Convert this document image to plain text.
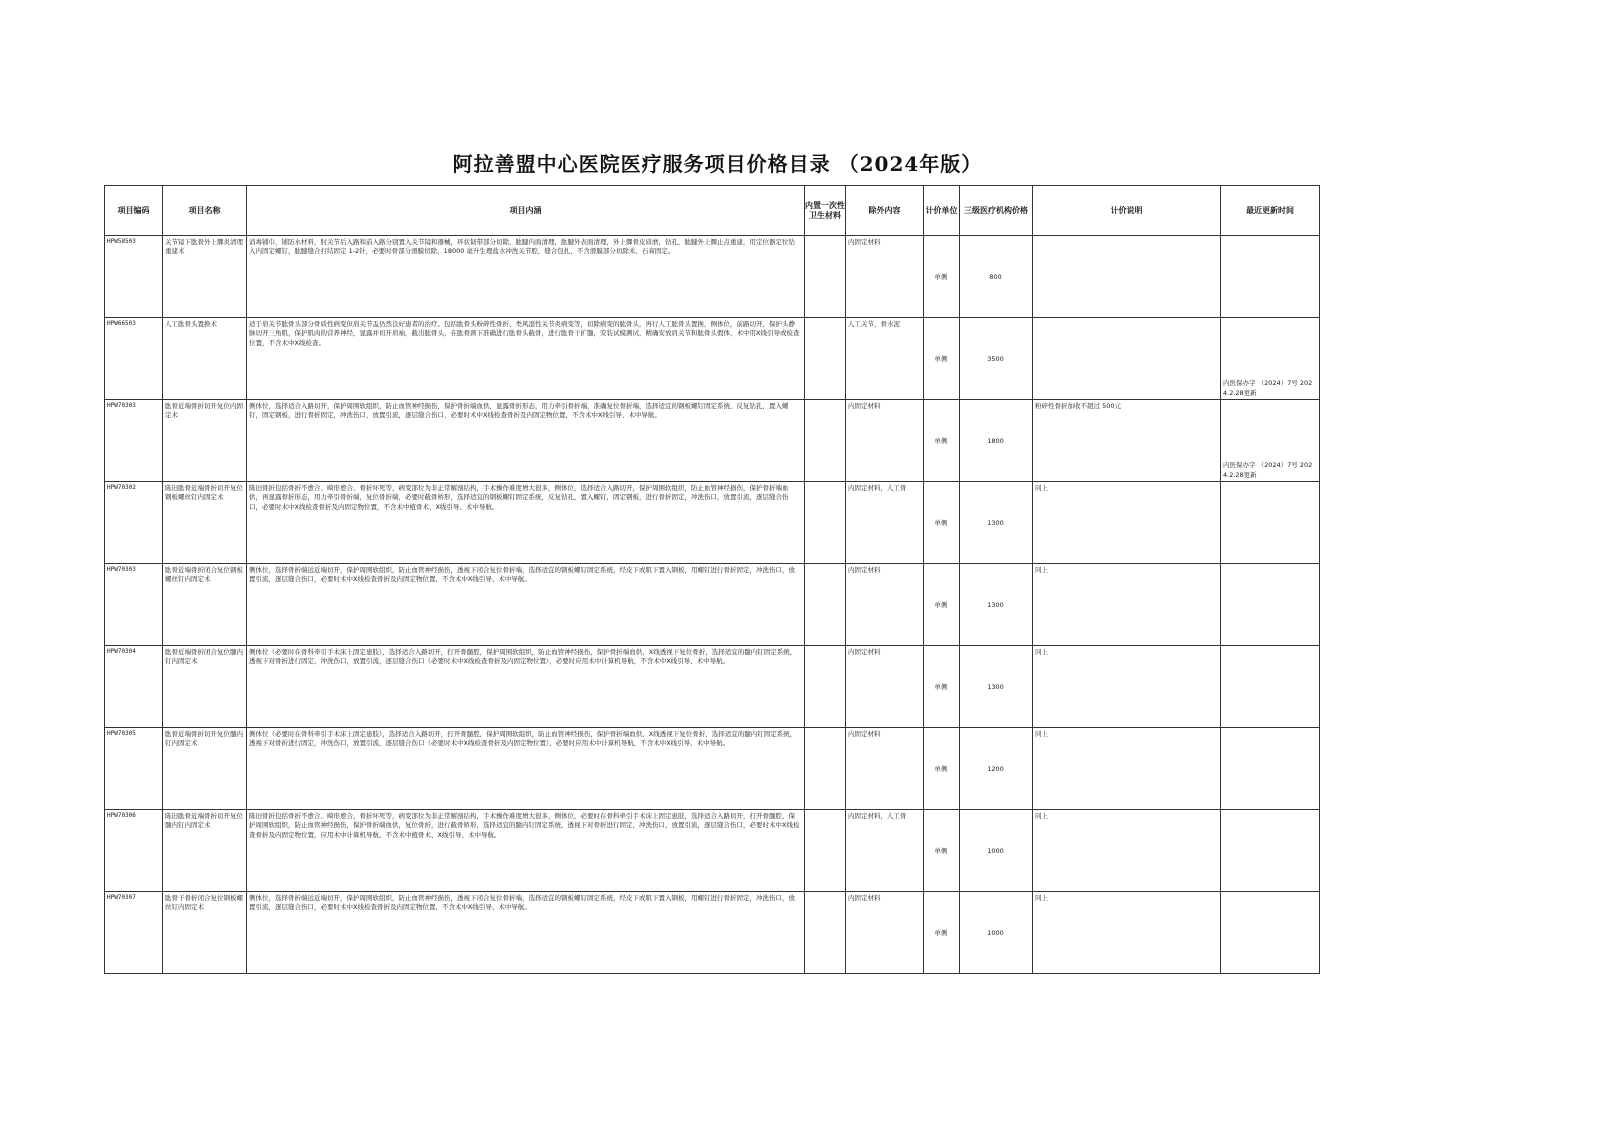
阿拉善盟中心医院医疗服务项目价格目录 （2024年版）
项目编码	项目名称	项目内涵	内置一次性卫生材料	除外内容	计价单位	三级医疗机构价格	计价说明	最近更新时间
HPW58503	关节镜下肱骨外上髁炎清理重建术	消毒铺巾，铺防水材料，肘关节后入路和前入路分别置入关节镜和器械，环状韧带部分切除，肱腱内面清理，肱腱外表面清理，外上髁骨皮质磨，钻孔，肱腱外上髁止点重建，用定位器定位钻入内固定螺钉，肱腱缝合打结固定 1-2针，必要时骨部分滑膜切除，18000 毫升生理盐水冲洗关节腔，缝合包扎，不含滑膜部分切除术、石膏固定。		内固定材料	单侧	800		
HPW66503	人工肱骨头置换术	适于肩关节肱骨头部分骨质性病变但肩关节盂仍然良好患者的治疗。包括肱骨头粉碎性骨折、类风湿性关节炎病变等，切除病变的肱骨头，再行人工肱骨头置换，侧体位，前路切开，保护头静脉切开三角肌，保护肌肉的营养神经，显露并切开肩袖，截出肱骨头，在肱骨颈下准确进行肱骨头截骨，进行肱骨干扩髓，安装试模测试，精确安放肩关节和肱骨头假体，术中用X线引导或检查位置，不含术中X线检查。		人工关节，骨水泥	单侧	3500		内医保办字 （2024）7号 2024.2.28更新
HPW70303	肱骨近端骨折切开复位内固定术	侧体位，选择适合入路切开，保护周围软组织，防止血管神经损伤，保护骨折端血供，显露骨折形态，用力牵引骨折端，准确复位骨折端，选择适宜的钢板螺钉固定系统，反复钻孔，置入螺钉，固定钢板，进行骨折固定，冲洗伤口，放置引流，逐层缝合伤口，必要时术中X线检查骨折及内固定物位置，不含术中X线引导、术中导航。		内固定材料	单侧	1800	粉碎性骨折加收不超过 500元	内医保办字 （2024）7号 2024.2.28更新
HPW70302	陈旧肱骨近端骨折切开复位钢板螺丝钉内固定术	陈旧骨折包括骨折不愈合、畸形愈合、骨折坏死等，病变部位为非正常解剖结构，手术操作难度增大很多，侧体位，选择适合入路切开，保护周围软组织，防止血管神经损伤，保护骨折端血供，再显露骨折形态，用力牵引骨折端，复位骨折端，必要时截骨矫形，选择适宜的钢板螺钉固定系统，反复钻孔，置入螺钉，固定钢板，进行骨折固定，冲洗伤口，放置引流，逐层缝合伤口，必要时术中X线检查骨折及内固定物位置，不含术中植骨术、X线引导、术中导航。		内固定材料，人工骨	单侧	1300	同上	
HPW70303	肱骨近端骨折闭合复位钢板螺丝钉内固定术	侧体位，选择骨折端远近端切开，保护周围软组织，防止血管神经损伤，透视下闭合复位骨折端，选择适宜的钢板螺钉固定系统，经皮下或肌下置入钢板，用螺钉进行骨折固定，冲洗伤口，放置引流，逐层缝合伤口，必要时术中X线检查骨折及内固定物位置，不含术中X线引导、术中导航。		内固定材料	单侧	1300	同上	
HPW70304	肱骨近端骨折闭合复位髓内钉内固定术	侧体位（必要时在骨科牵引手术床上固定患肢），选择适合入路切开，打开骨髓腔，保护周围软组织，防止血管神经损伤，保护骨折端血供，X线透视下复位骨折，选择适宜的髓内钉固定系统，透视下对骨折进行固定，冲洗伤口，放置引流，逐层缝合伤口（必要时术中X线检查骨折及内固定物位置），必要时应用术中计算机导航，不含术中X线引导、术中导航。		内固定材料	单侧	1300	同上	
HPW70305	肱骨近端骨折切开复位髓内钉内固定术	侧体位（必要时在骨科牵引手术床上固定患肢），选择适合入路切开，打开骨髓腔，保护周围软组织，防止血管神经损伤，保护骨折端血供，X线透视下复位骨折，选择适宜的髓内钉固定系统，透视下对骨折进行固定，冲洗伤口，放置引流，逐层缝合伤口（必要时术中X线检查骨折及内固定物位置），必要时应用术中计算机导航，不含术中X线引导、术中导航。		内固定材料	单侧	1200	同上	
HPW70306	陈旧肱骨近端骨折切开复位髓内钉内固定术	陈旧骨折包括骨折不愈合、畸形愈合、骨折坏死等，病变部位为非正常解剖结构，手术操作难度增大很多，侧体位，必要时在骨科牵引手术床上固定患肢，选择适合入路切开，打开骨髓腔，保护周围软组织，防止血管神经损伤，保护骨折端血供，复位骨折，进行截骨矫形，选择适宜的髓内钉固定系统，透视下对骨折进行固定，冲洗伤口，放置引流，逐层缝合伤口，必要时术中X线检查骨折及内固定物位置，应用术中计算机导航，不含术中植骨术、X线引导、术中导航。		内固定材料，人工骨	单侧	1000	同上	
HPW70307	肱骨干骨折闭合复位钢板螺丝钉内固定术	侧体位，选择骨折端远近端切开，保护周围软组织，防止血管神经损伤，透视下闭合复位骨折端，选择适宜的钢板螺钉固定系统，经皮下或肌下置入钢板，用螺钉进行骨折固定，冲洗伤口，放置引流，逐层缝合伤口，必要时术中X线检查骨折及内固定物位置，不含术中X线引导、术中导航。		内固定材料	单侧	1000	同上	
